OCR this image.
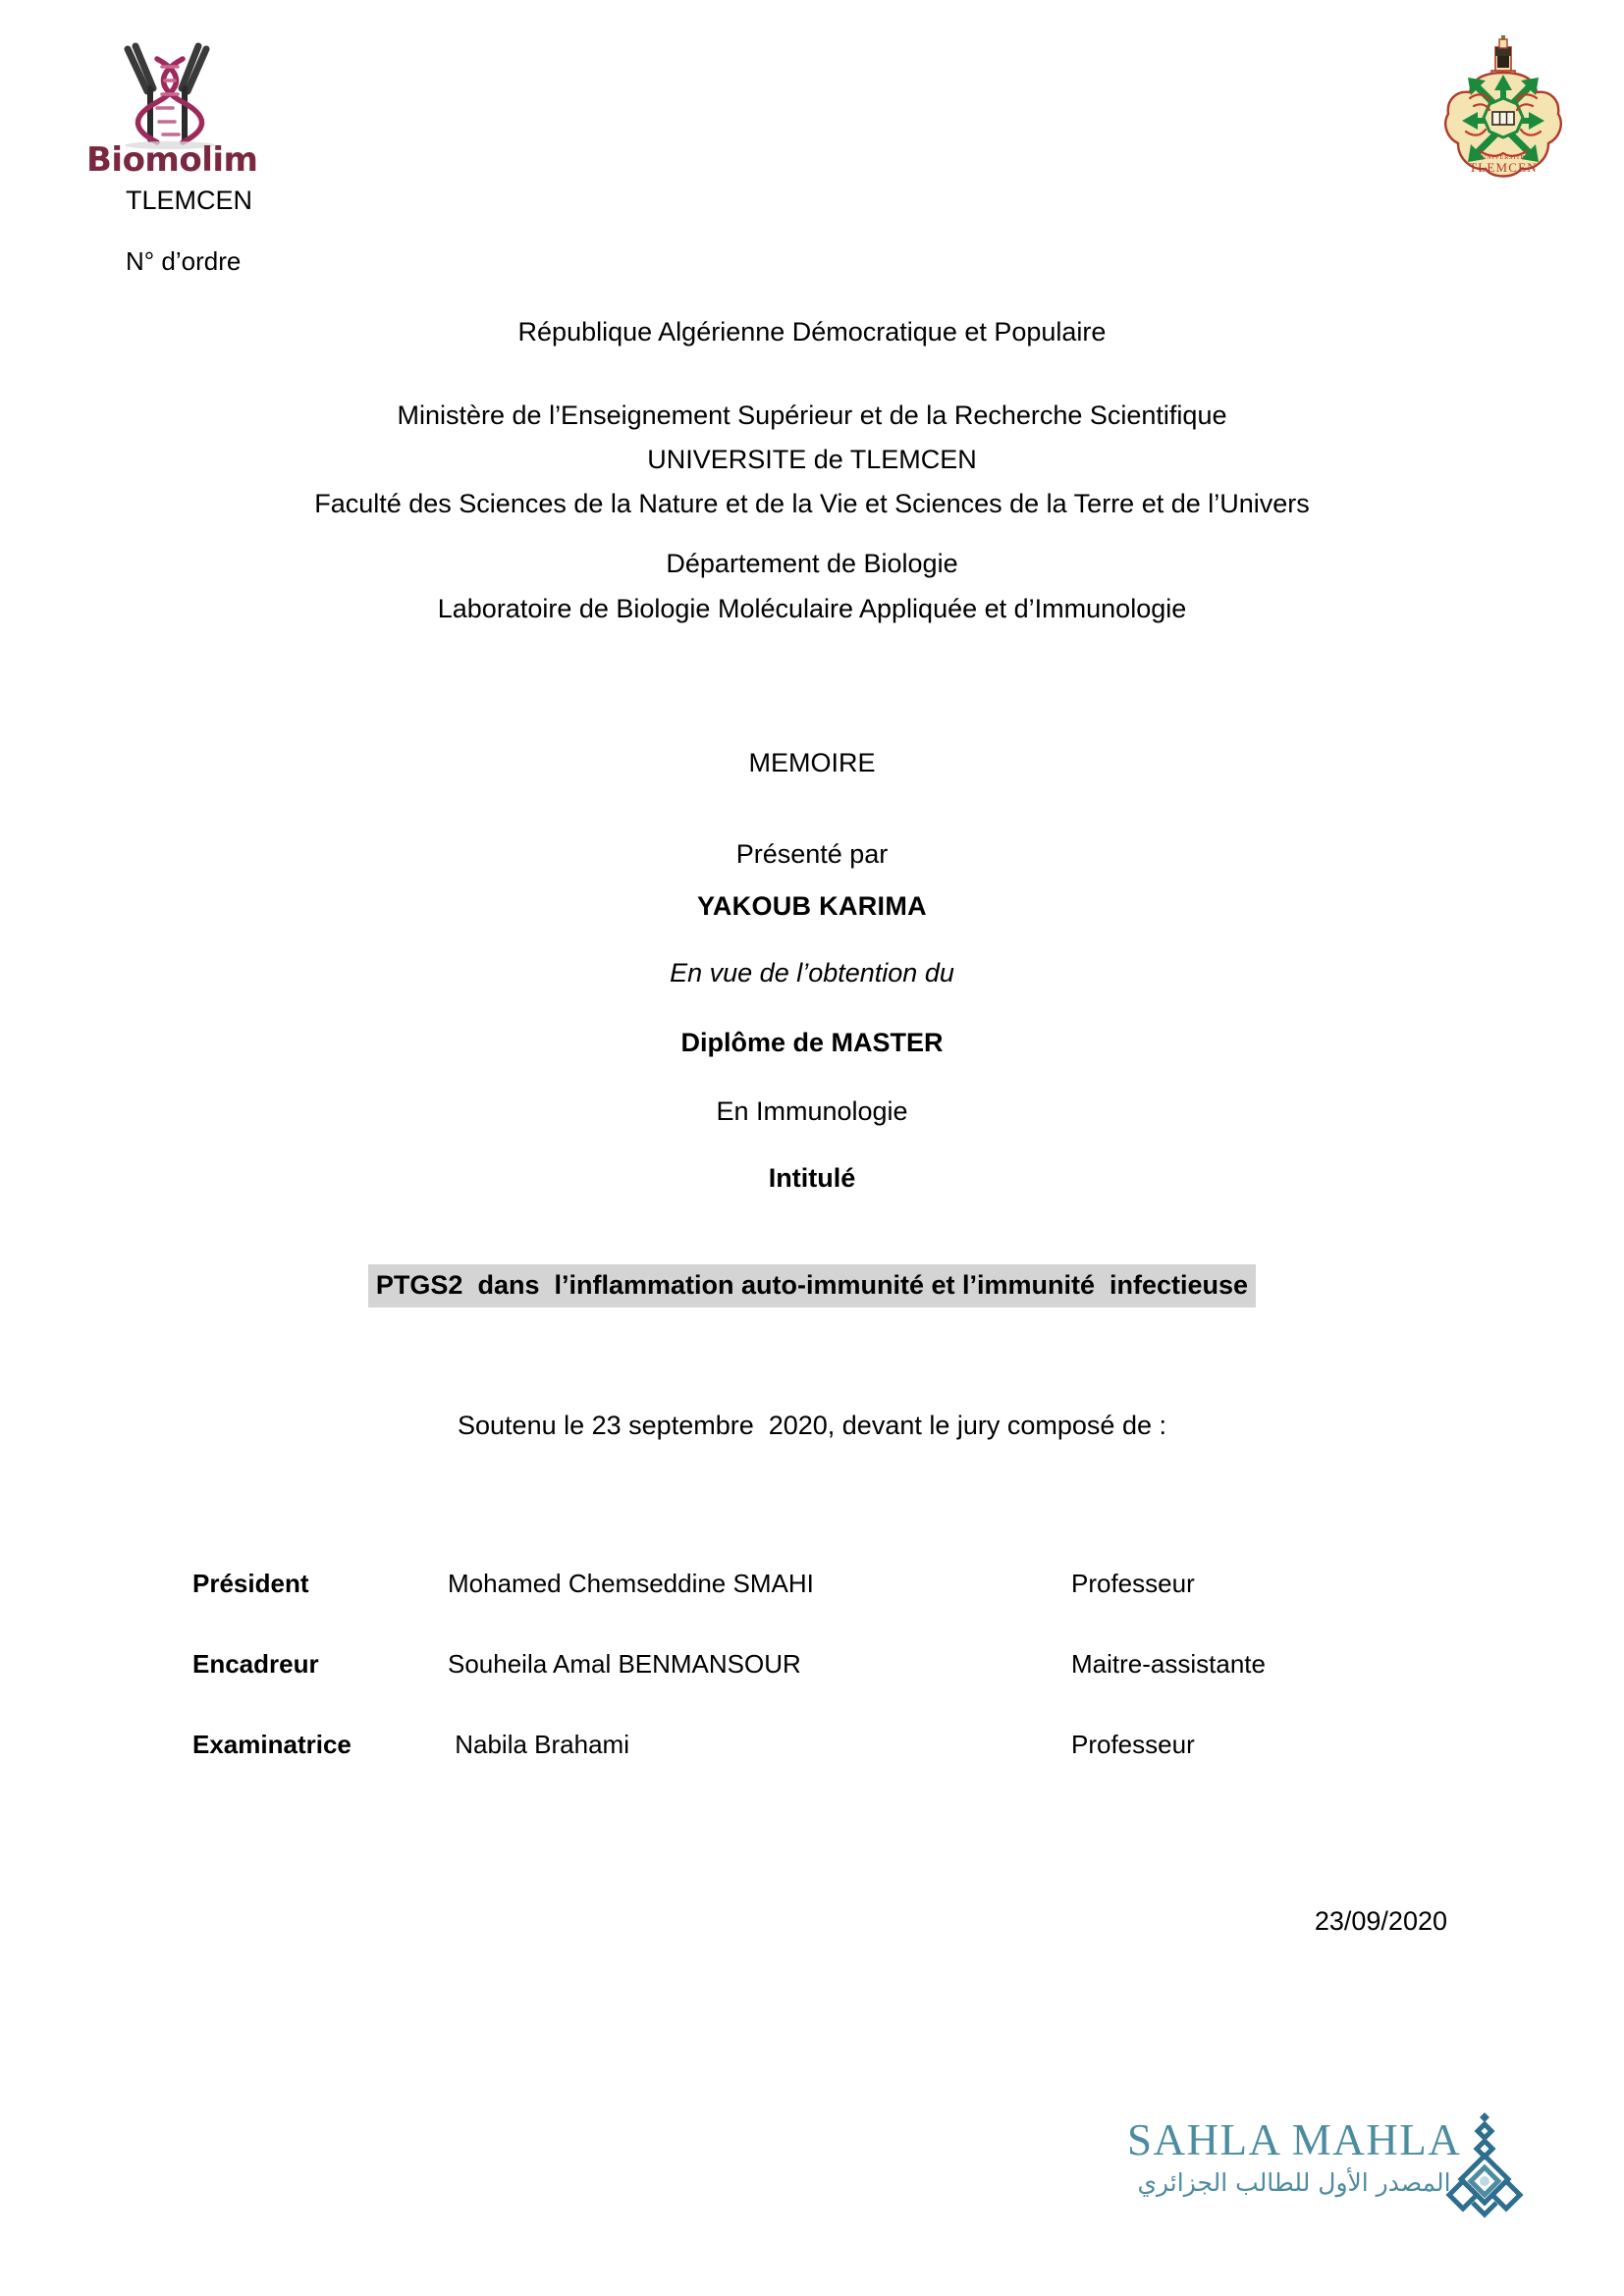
Biomolim
TLEMCEN
N° d’ordre
UNIVERSITE
TLEMCEN
République Algérienne Démocratique et Populaire
Ministère de l’Enseignement Supérieur et de la Recherche Scientifique
UNIVERSITE de TLEMCEN
Faculté des Sciences de la Nature et de la Vie et Sciences de la Terre et de l’Univers
Département de Biologie
Laboratoire de Biologie Moléculaire Appliquée et d’Immunologie
MEMOIRE
Présenté par
YAKOUB KARIMA
En vue de l’obtention du
Diplôme de MASTER
En Immunologie
Intitulé
PTGS2  dans  l’inflammation auto-immunité et l’immunité  infectieuse
Soutenu le 23 septembre  2020, devant le jury composé de :
Président	Mohamed Chemseddine SMAHI	Professeur
Encadreur	Souheila Amal BENMANSOUR	Maitre-assistante
Examinatrice	Nabila Brahami	Professeur
23/09/2020
SAHLA MAHLA
المصدر الأول للطالب الجزائري
